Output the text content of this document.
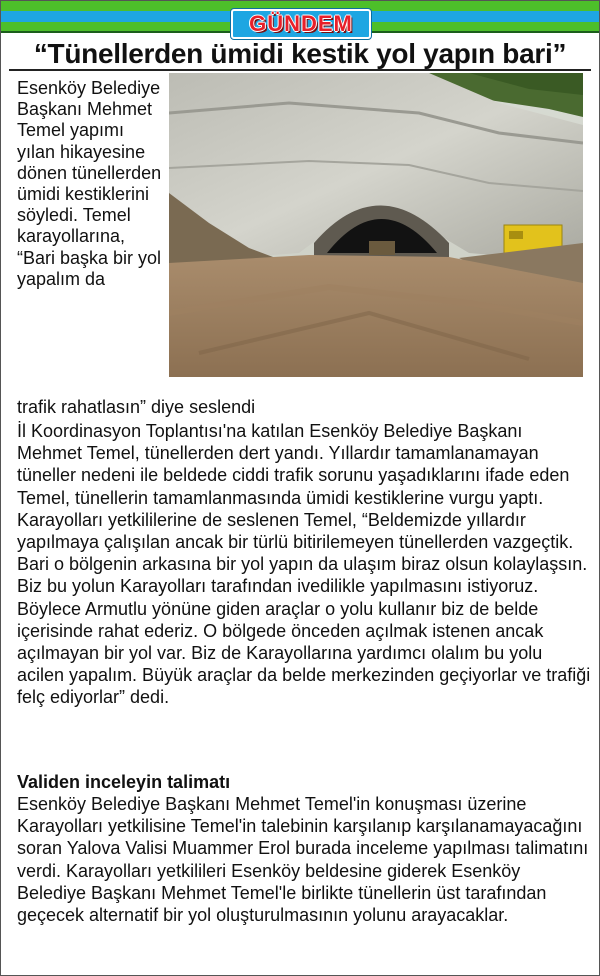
GÜNDEM
“Tünellerden ümidi kestik yol yapın bari”
Esenköy Belediye Başkanı Mehmet Temel yapımı yılan hikayesine dönen tünellerden ümidi kestiklerini söyledi. Temel karayollarına, “Bari başka bir yol yapalım da
trafik rahatlasın” diye seslendi

İl Koordinasyon Toplantısı'na katılan Esenköy Belediye Başkanı Mehmet Temel, tünellerden dert yandı. Yıllardır tamamlanamayan tüneller nedeni ile beldede ciddi trafik sorunu yaşadıklarını ifade eden Temel, tünellerin tamamlanmasında ümidi kestiklerine vurgu yaptı. Karayolları yetkililerine de seslenen Temel, “Beldemizde yıllardır yapılmaya çalışılan ancak bir türlü bitirilemeyen tünellerden vazgeçtik. Bari o bölgenin arkasına bir yol yapın da ulaşım biraz olsun kolaylaşsın. Biz bu yolun Karayolları tarafından ivedilikle yapılmasını istiyoruz. Böylece Armutlu yönüne giden araçlar o yolu kullanır biz de belde içerisinde rahat ederiz. O bölgede önceden açılmak istenen ancak açılmayan bir yol var. Biz de Karayollarına yardımcı olalım bu yolu acilen yapalım. Büyük araçlar da belde merkezinden geçiyorlar ve trafiği felç ediyorlar” dedi.

Validen inceleyin talimatı

Esenköy Belediye Başkanı Mehmet Temel'in konuşması üzerine Karayolları yetkilisine Temel'in talebinin karşılanıp karşılanamayacağını soran Yalova Valisi Muammer Erol burada inceleme yapılması talimatını verdi. Karayolları yetkilileri Esenköy beldesine giderek Esenköy Belediye Başkanı Mehmet Temel'le birlikte tünellerin üst tarafından geçecek alternatif bir yol oluşturulmasının yolunu arayacaklar.
